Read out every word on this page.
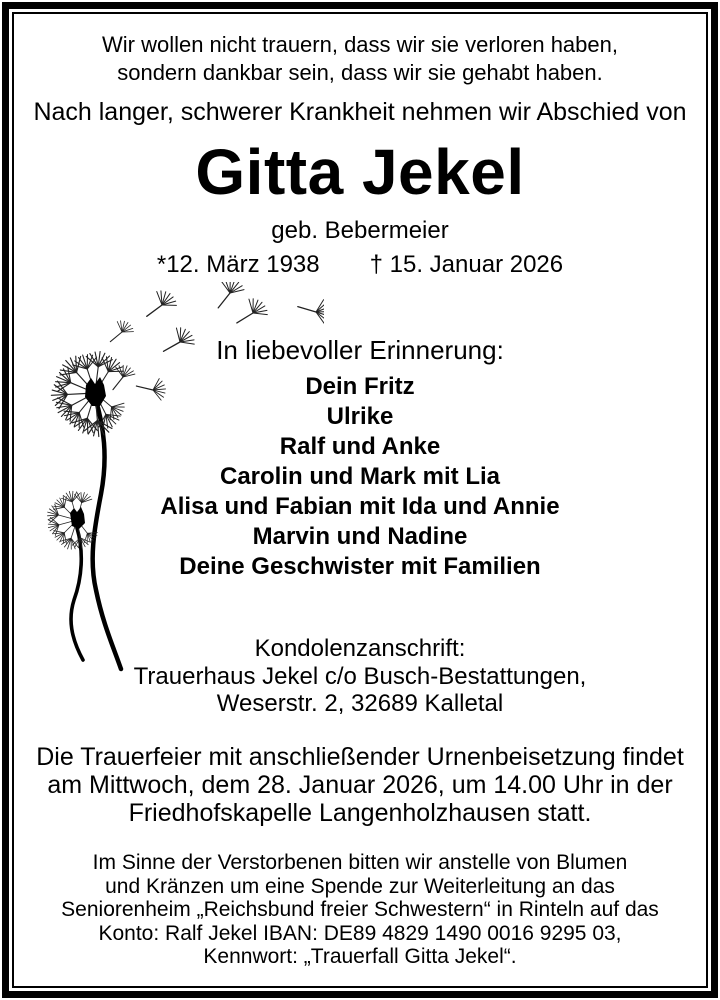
Wir wollen nicht trauern, dass wir sie verloren haben,
sondern dankbar sein, dass wir sie gehabt haben.
Nach langer, schwerer Krankheit nehmen wir Abschied von
Gitta Jekel
geb. Bebermeier
*12. März 1938 † 15. Januar 2026
In liebevoller Erinnerung:
Dein Fritz
Ulrike
Ralf und Anke
Carolin und Mark mit Lia
Alisa und Fabian mit Ida und Annie
Marvin und Nadine
Deine Geschwister mit Familien
Kondolenzanschrift:
Trauerhaus Jekel c/o Busch-Bestattungen,
Weserstr. 2, 32689 Kalletal
Die Trauerfeier mit anschließender Urnenbeisetzung findet
am Mittwoch, dem 28. Januar 2026, um 14.00 Uhr in der
Friedhofskapelle Langenholzhausen statt.
Im Sinne der Verstorbenen bitten wir anstelle von Blumen
und Kränzen um eine Spende zur Weiterleitung an das
Seniorenheim „Reichsbund freier Schwestern“ in Rinteln auf das
Konto: Ralf Jekel IBAN: DE89 4829 1490 0016 9295 03,
Kennwort: „Trauerfall Gitta Jekel“.
